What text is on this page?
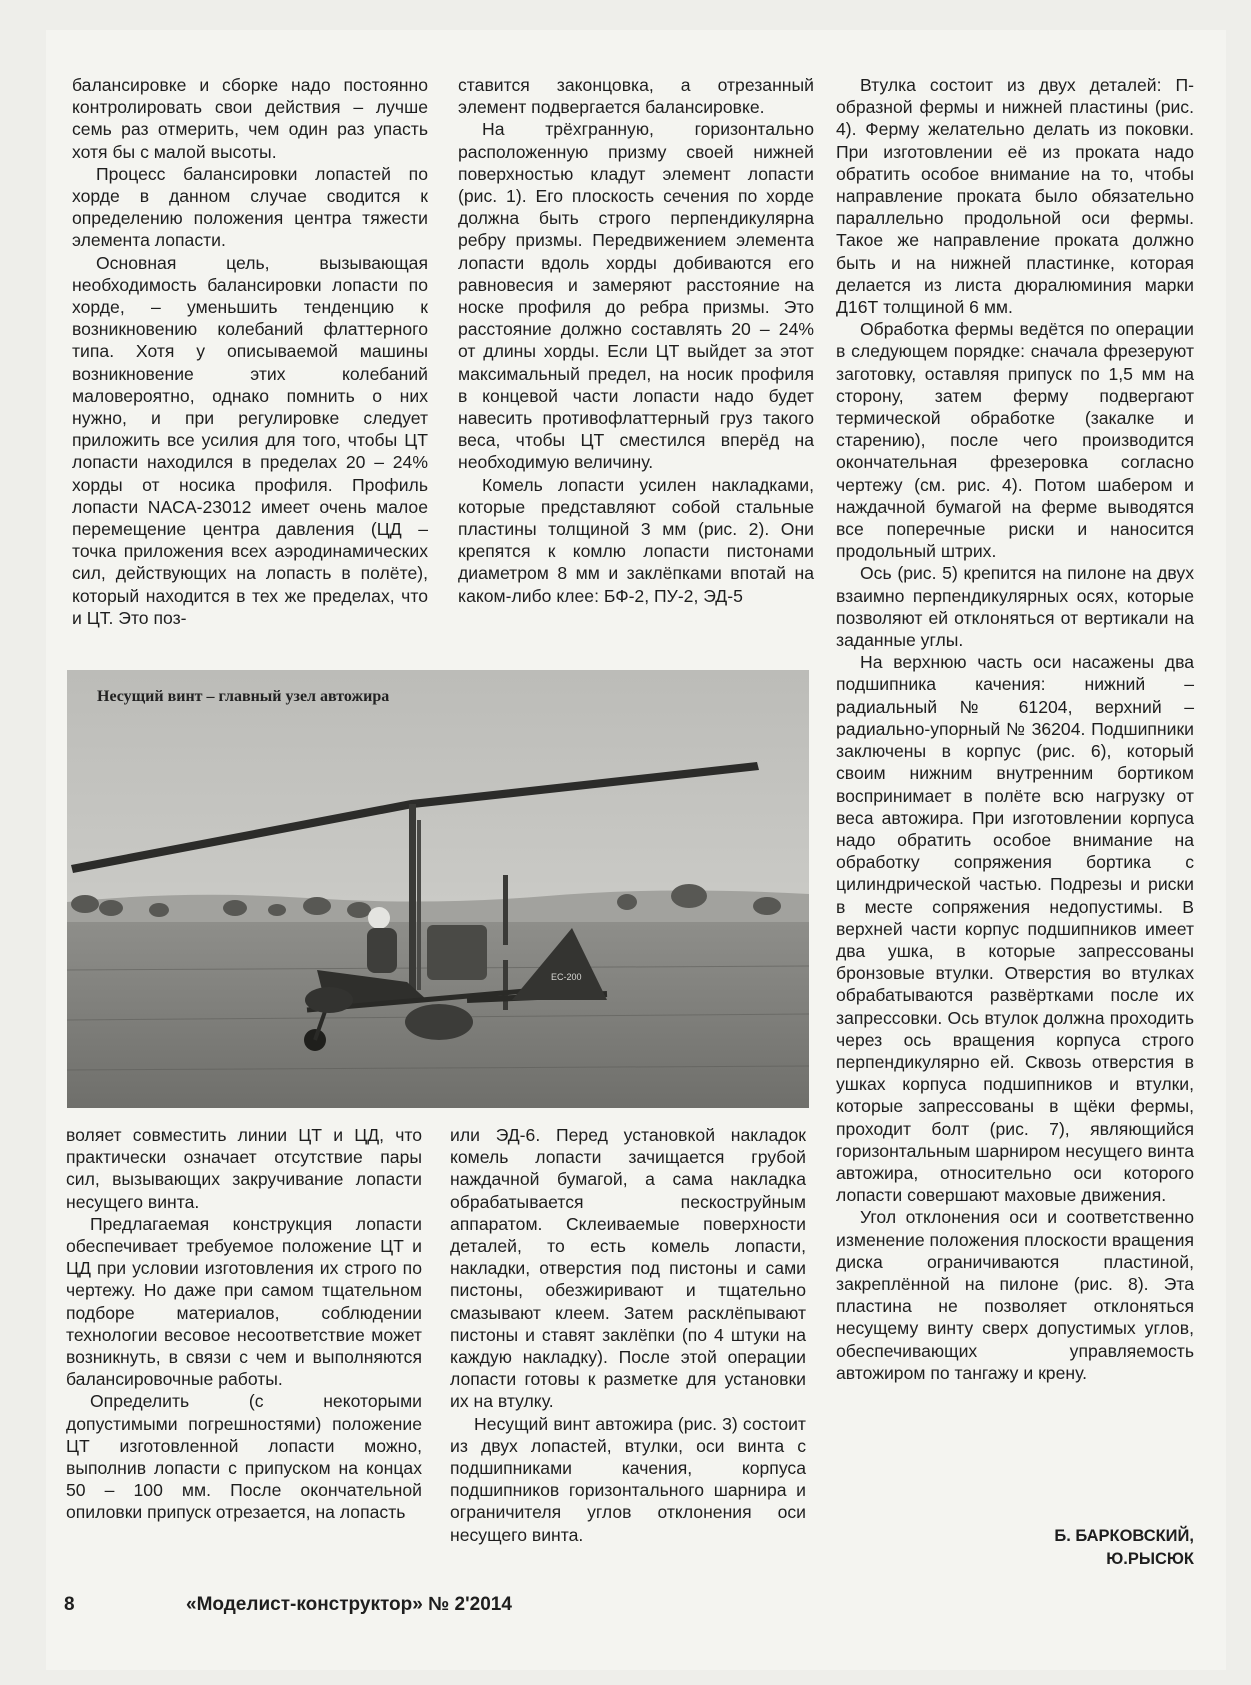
балансировке и сборке надо постоянно контролировать свои действия – лучше семь раз отмерить, чем один раз упасть хотя бы с малой высоты.

Процесс балансировки лопастей по хорде в данном случае сводится к определению положения центра тяжести элемента лопасти.

Основная цель, вызывающая необходимость балансировки лопасти по хорде, – уменьшить тенденцию к возникновению колебаний флаттерного типа. Хотя у описываемой машины возникновение этих колебаний маловероятно, однако помнить о них нужно, и при регулировке следует приложить все усилия для того, чтобы ЦТ лопасти находился в пределах 20 – 24% хорды от носика профиля. Профиль лопасти NACA-23012 имеет очень малое перемещение центра давления (ЦД – точка приложения всех аэродинамических сил, действующих на лопасть в полёте), который находится в тех же пределах, что и ЦТ. Это поз-

ставится законцовка, а отрезанный элемент подвергается балансировке.

На трёхгранную, горизонтально расположенную призму своей нижней поверхностью кладут элемент лопасти (рис. 1). Его плоскость сечения по хорде должна быть строго перпендикулярна ребру призмы. Передвижением элемента лопасти вдоль хорды добиваются его равновесия и замеряют расстояние на носке профиля до ребра призмы. Это расстояние должно составлять 20 – 24% от длины хорды. Если ЦТ выйдет за этот максимальный предел, на носик профиля в концевой части лопасти надо будет навесить противофлаттерный груз такого веса, чтобы ЦТ сместился вперёд на необходимую величину.

Комель лопасти усилен накладками, которые представляют собой стальные пластины толщиной 3 мм (рис. 2). Они крепятся к комлю лопасти пистонами диаметром 8 мм и заклёпками впотай на каком-либо клее: БФ-2, ПУ-2, ЭД-5

Втулка состоит из двух деталей: П-образной фермы и нижней пластины (рис. 4). Ферму желательно делать из поковки. При изготовлении её из проката надо обратить особое внимание на то, чтобы направление проката было обязательно параллельно продольной оси фермы. Такое же направление проката должно быть и на нижней пластинке, которая делается из листа дюралюминия марки Д16Т толщиной 6 мм.

Обработка фермы ведётся по операции в следующем порядке: сначала фрезеруют заготовку, оставляя припуск по 1,5 мм на сторону, затем ферму подвергают термической обработке (закалке и старению), после чего производится окончательная фрезеровка согласно чертежу (см. рис. 4). Потом шабером и наждачной бумагой на ферме выводятся все поперечные риски и наносится продольный штрих.

Ось (рис. 5) крепится на пилоне на двух взаимно перпендикулярных осях, которые позволяют ей отклоняться от вертикали на заданные углы.

На верхнюю часть оси насажены два подшипника качения: нижний – радиальный № 61204, верхний – радиально-упорный № 36204. Подшипники заключены в корпус (рис. 6), который своим нижним внутренним бортиком воспринимает в полёте всю нагрузку от веса автожира. При изготовлении корпуса надо обратить особое внимание на обработку сопряжения бортика с цилиндрической частью. Подрезы и риски в месте сопряжения недопустимы. В верхней части корпус подшипников имеет два ушка, в которые запрессованы бронзовые втулки. Отверстия во втулках обрабатываются развёртками после их запрессовки. Ось втулок должна проходить через ось вращения корпуса строго перпендикулярно ей. Сквозь отверстия в ушках корпуса подшипников и втулки, которые запрессованы в щёки фермы, проходит болт (рис. 7), являющийся горизонтальным шарниром несущего винта автожира, относительно оси которого лопасти совершают маховые движения.

Угол отклонения оси и соответственно изменение положения плоскости вращения диска ограничиваются пластиной, закреплённой на пилоне (рис. 8). Эта пластина не позволяет отклоняться несущему винту сверх допустимых углов, обеспечивающих управляемость автожиром по тангажу и крену.

EC-200
Несущий винт – главный узел автожира

воляет совместить линии ЦТ и ЦД, что практически означает отсутствие пары сил, вызывающих закручивание лопасти несущего винта.

Предлагаемая конструкция лопасти обеспечивает требуемое положение ЦТ и ЦД при условии изготовления их строго по чертежу. Но даже при самом тщательном подборе материалов, соблюдении технологии весовое несоответствие может возникнуть, в связи с чем и выполняются балансировочные работы.

Определить (с некоторыми допустимыми погрешностями) положение ЦТ изготовленной лопасти можно, выполнив лопасти с припуском на концах 50 – 100 мм. После окончательной опиловки припуск отрезается, на лопасть

или ЭД-6. Перед установкой накладок комель лопасти зачищается грубой наждачной бумагой, а сама накладка обрабатывается пескоструйным аппаратом. Склеиваемые поверхности деталей, то есть комель лопасти, накладки, отверстия под пистоны и сами пистоны, обезжиривают и тщательно смазывают клеем. Затем расклёпывают пистоны и ставят заклёпки (по 4 штуки на каждую накладку). После этой операции лопасти готовы к разметке для установки их на втулку.

Несущий винт автожира (рис. 3) состоит из двух лопастей, втулки, оси винта с подшипниками качения, корпуса подшипников горизонтального шарнира и ограничителя углов отклонения оси несущего винта.	Б. БАРКОВСКИЙ,
Ю.РЫСЮК
8	«Моделист-конструктор» № 2'2014
